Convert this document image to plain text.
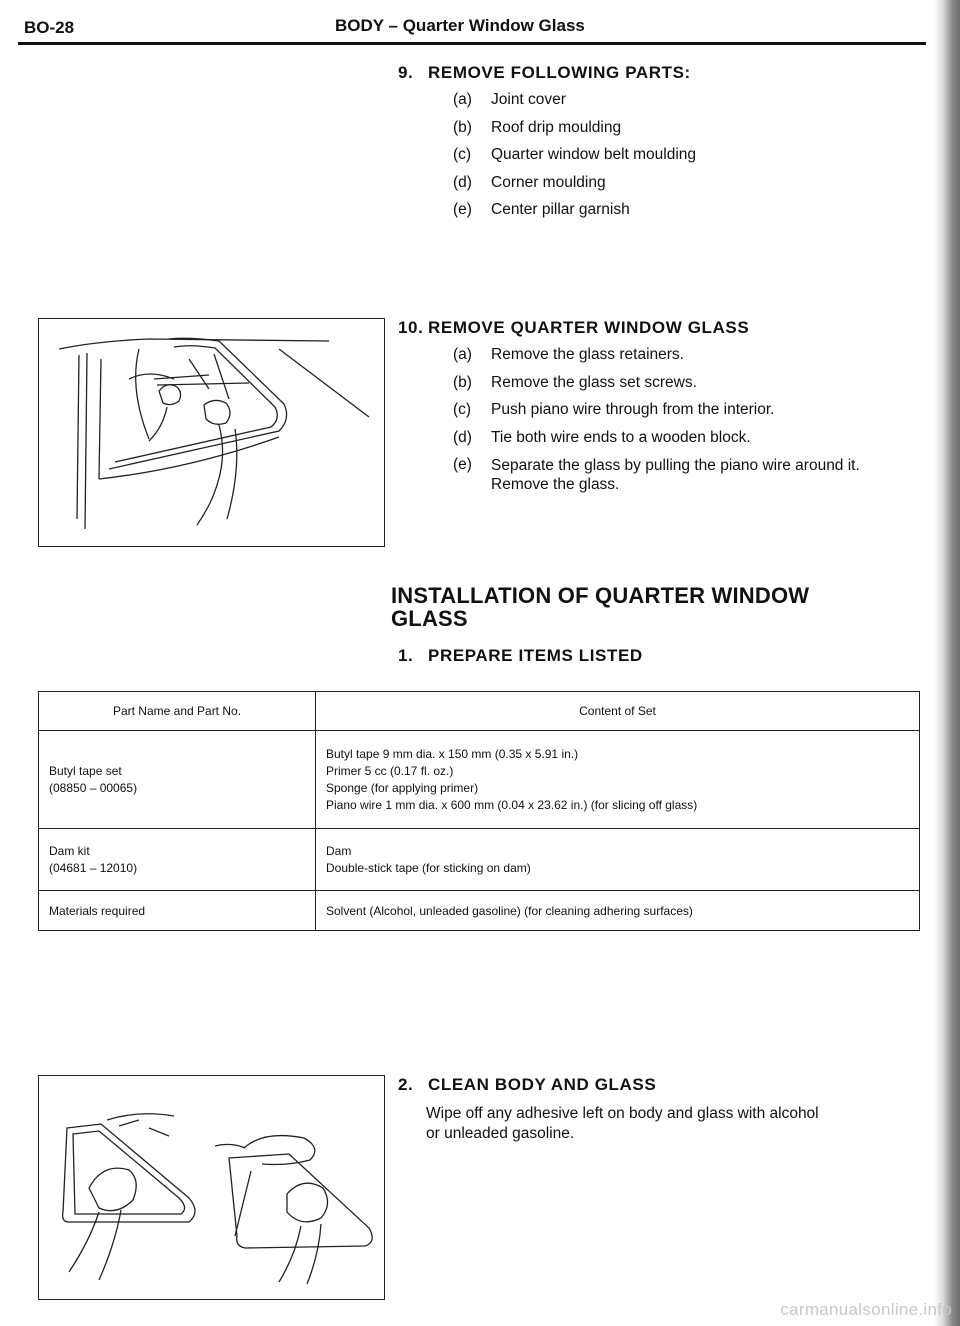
BO-28	BODY – Quarter Window Glass
9. REMOVE FOLLOWING PARTS:
(a)	Joint cover
(b)	Roof drip moulding
(c)	Quarter window belt moulding
(d)	Corner moulding
(e)	Center pillar garnish
10. REMOVE QUARTER WINDOW GLASS
(a)	Remove the glass retainers.
(b)	Remove the glass set screws.
(c)	Push piano wire through from the interior.
(d)	Tie both wire ends to a wooden block.
(e)	Separate the glass by pulling the piano wire around it.
Remove the glass.
INSTALLATION OF QUARTER WINDOW
GLASS
1. PREPARE ITEMS LISTED
Part Name and Part No.	Content of Set

Butyl tape set
(08850 – 00065)	Butyl tape 9 mm dia. x 150 mm (0.35 x 5.91 in.)
Primer 5 cc (0.17 fl. oz.)
Sponge (for applying primer)
Piano wire 1 mm dia. x 600 mm (0.04 x 23.62 in.) (for slicing off glass)

Dam kit
(04681 – 12010)	Dam
Double-stick tape (for sticking on dam)

Materials required	Solvent (Alcohol, unleaded gasoline) (for cleaning adhering surfaces)
2. CLEAN BODY AND GLASS
Wipe off any adhesive left on body and glass with alcohol
or unleaded gasoline.
carmanualsonline.info
